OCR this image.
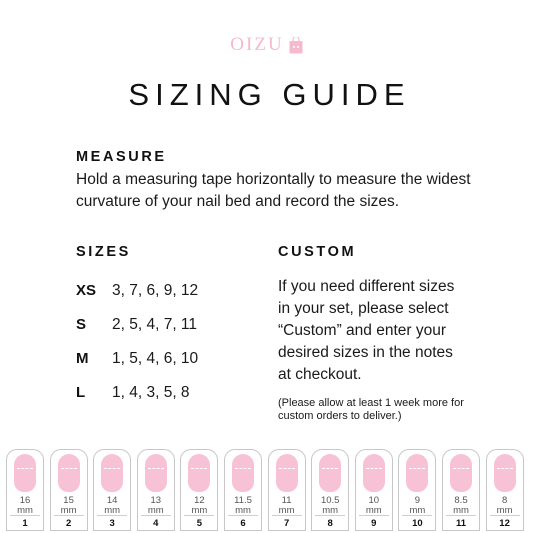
OIZU
SIZING GUIDE
MEASURE
Hold a measuring tape horizontally to measure the widest curvature of your nail bed and record the sizes.
SIZES
XS	3, 7, 6, 9, 12
S	2, 5, 4, 7, 11
M	1, 5, 4, 6, 10
L	1, 4, 3, 5, 8
CUSTOM
If you need different sizes
in your set, please select
“Custom” and enter your
desired sizes in the notes
at checkout.
(Please allow at least 1 week more for
custom orders to deliver.)
16
mm
1
15
mm
2
14
mm
3
13
mm
4
12
mm
5
11.5
mm
6
11
mm
7
10.5
mm
8
10
mm
9
9
mm
10
8.5
mm
11
8
mm
12
